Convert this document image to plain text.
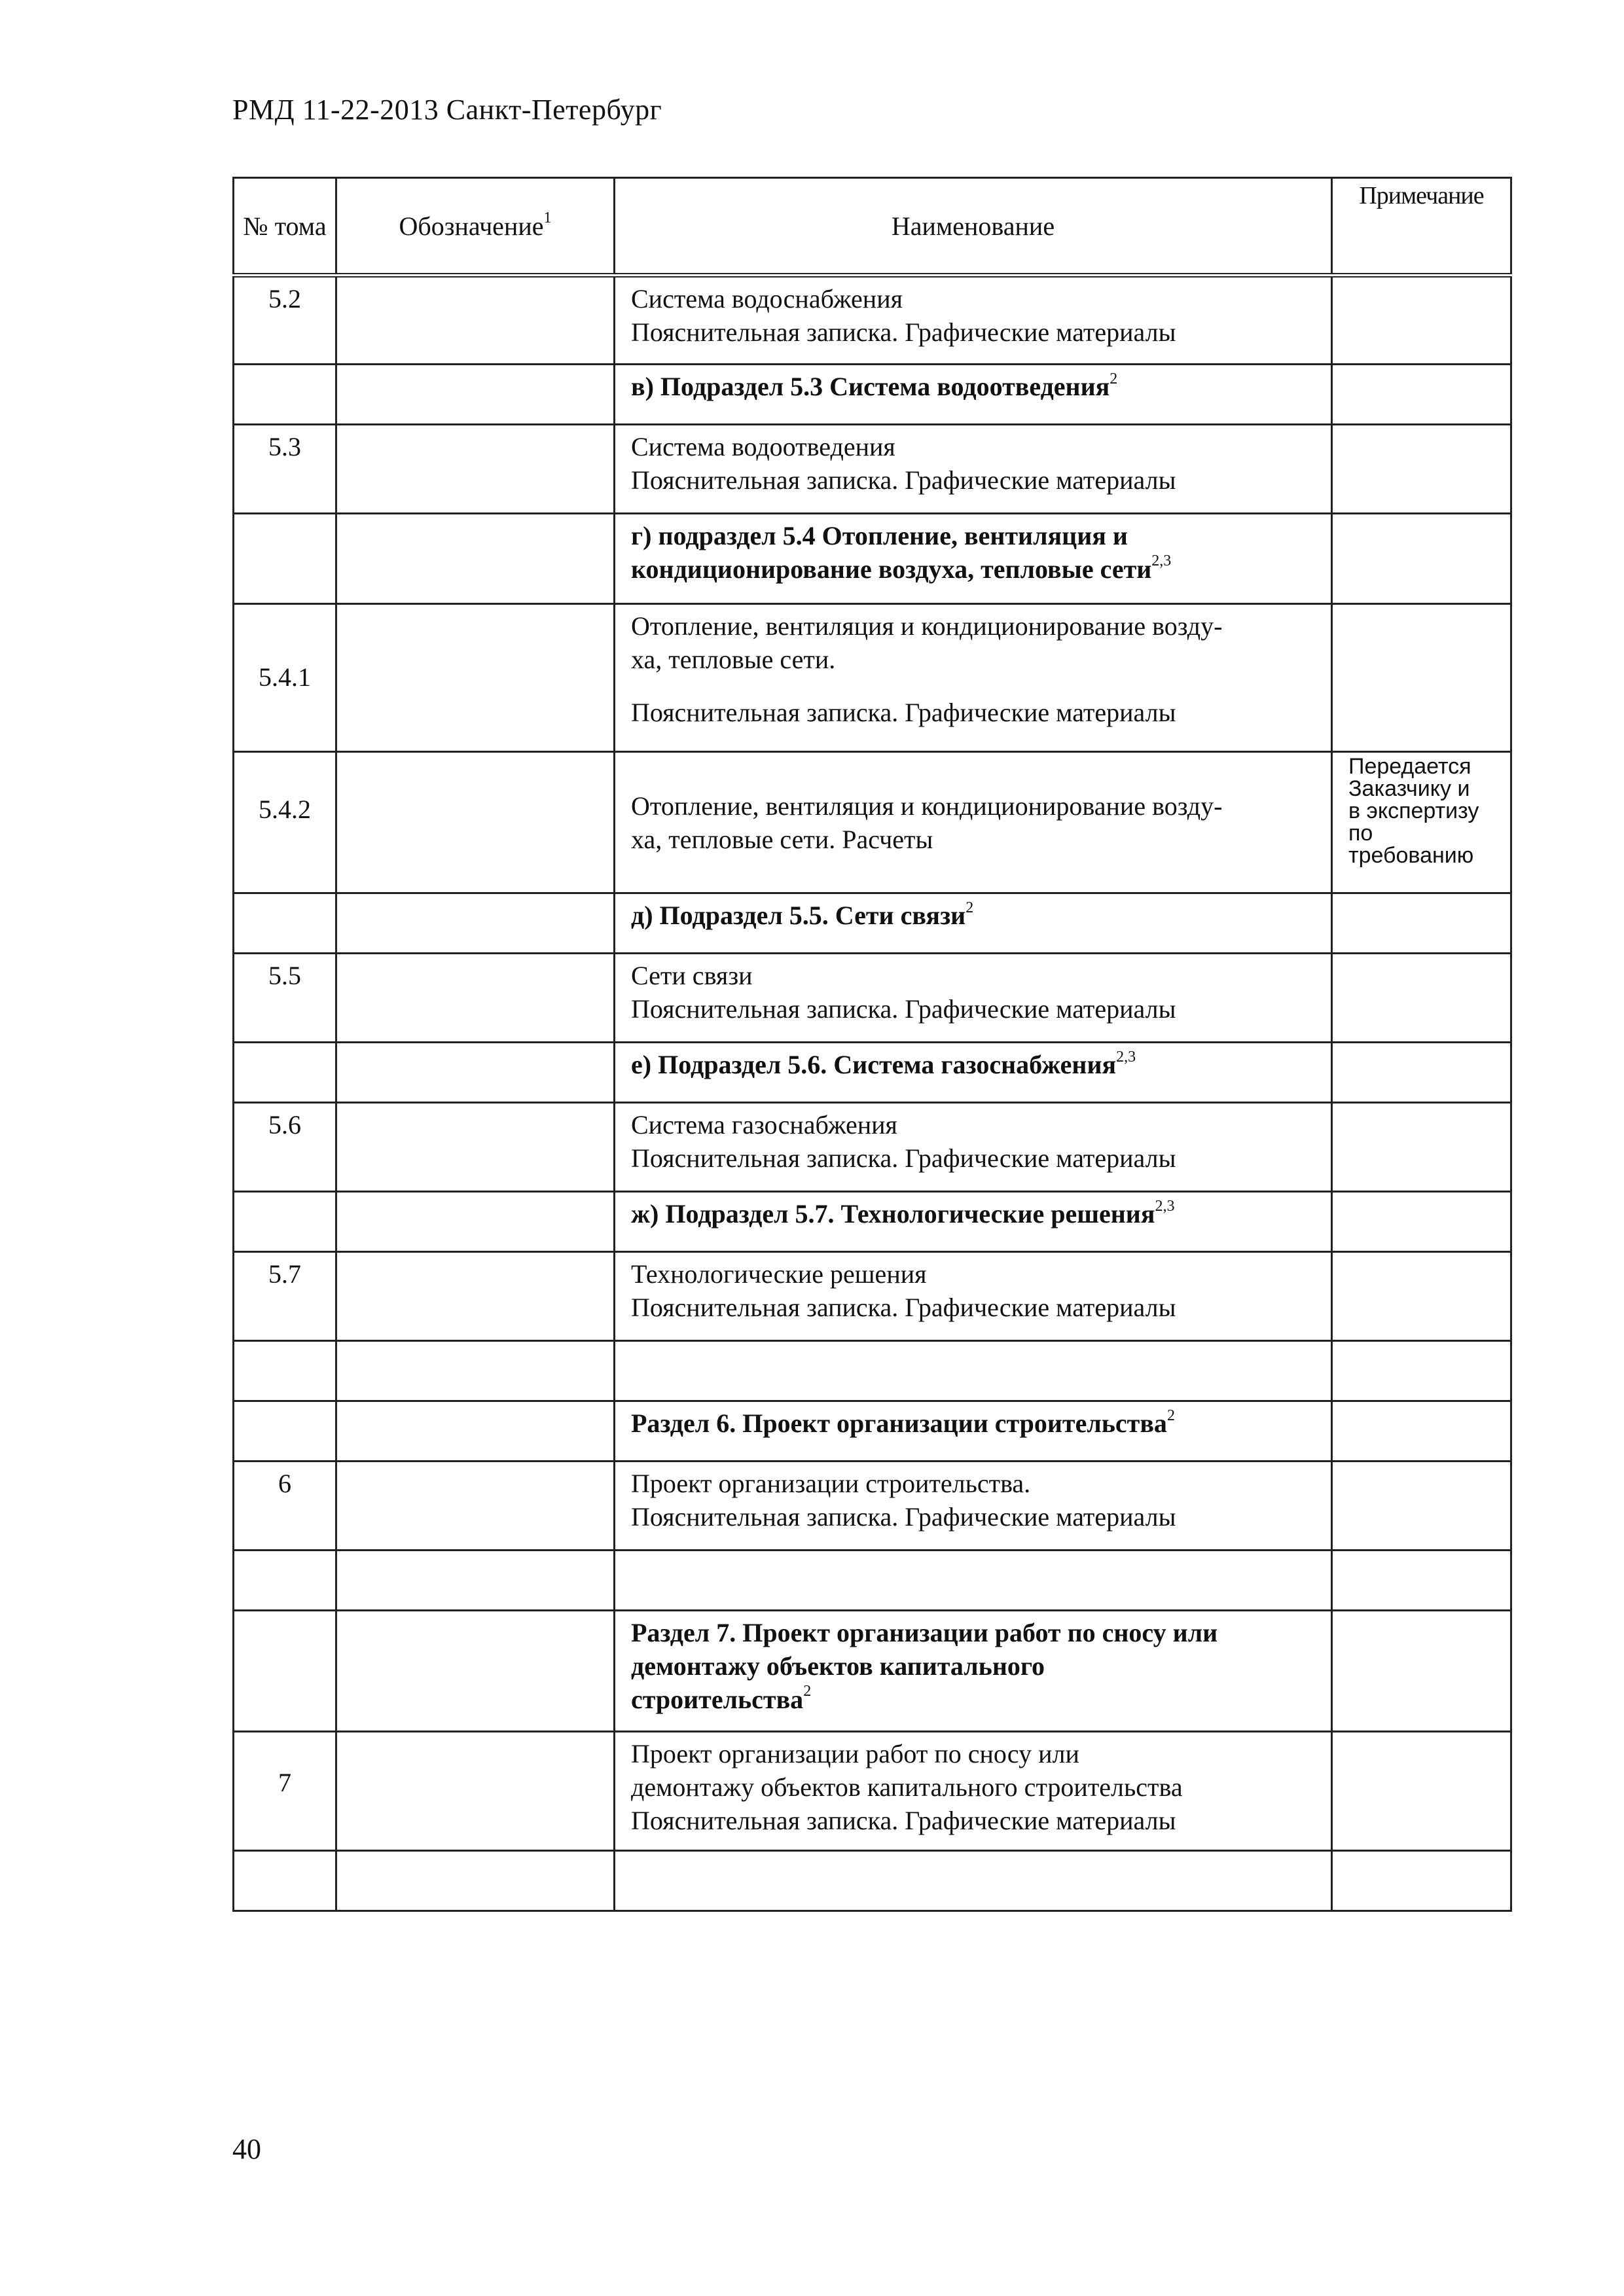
РМД 11-22-2013 Санкт-Петербург
№ тома	Обозначение$^1$	Наименование	Примечание
5.2		Система водоснабжения
Пояснительная записка. Графические материалы	

		в) Подраздел 5.3 Система водоотведения$^2$	
5.3		Система водоотведения
Пояснительная записка. Графические материалы	

		г) подраздел 5.4 Отопление, вентиляция и
кондиционирование воздуха, тепловые сети$^{2,3}$	
5.4.1		Отопление, вентиляция и кондиционирование возду-
ха, тепловые сети.
Пояснительная записка. Графические материалы	

5.4.2		Отопление, вентиляция и кондиционирование возду-
ха, тепловые сети. Расчеты	Передается
Заказчику и
в экспертизу
по
требованию

		д) Подраздел 5.5. Сети связи$^2$	
5.5		Сети связи
Пояснительная записка. Графические материалы	

		е) Подраздел 5.6. Система газоснабжения$^{2,3}$	
5.6		Система газоснабжения
Пояснительная записка. Графические материалы	

		ж) Подраздел 5.7. Технологические решения$^{2,3}$	
5.7		Технологические решения
Пояснительная записка. Графические материалы	

		Раздел 6. Проект организации строительства$^2$	
6		Проект организации строительства.
Пояснительная записка. Графические материалы	

		Раздел 7. Проект организации работ по сносу или
демонтажу объектов капитального
строительства$^2$	
7		Проект организации работ по сносу или
демонтажу объектов капитального строительства
Пояснительная записка. Графические материалы	

40
